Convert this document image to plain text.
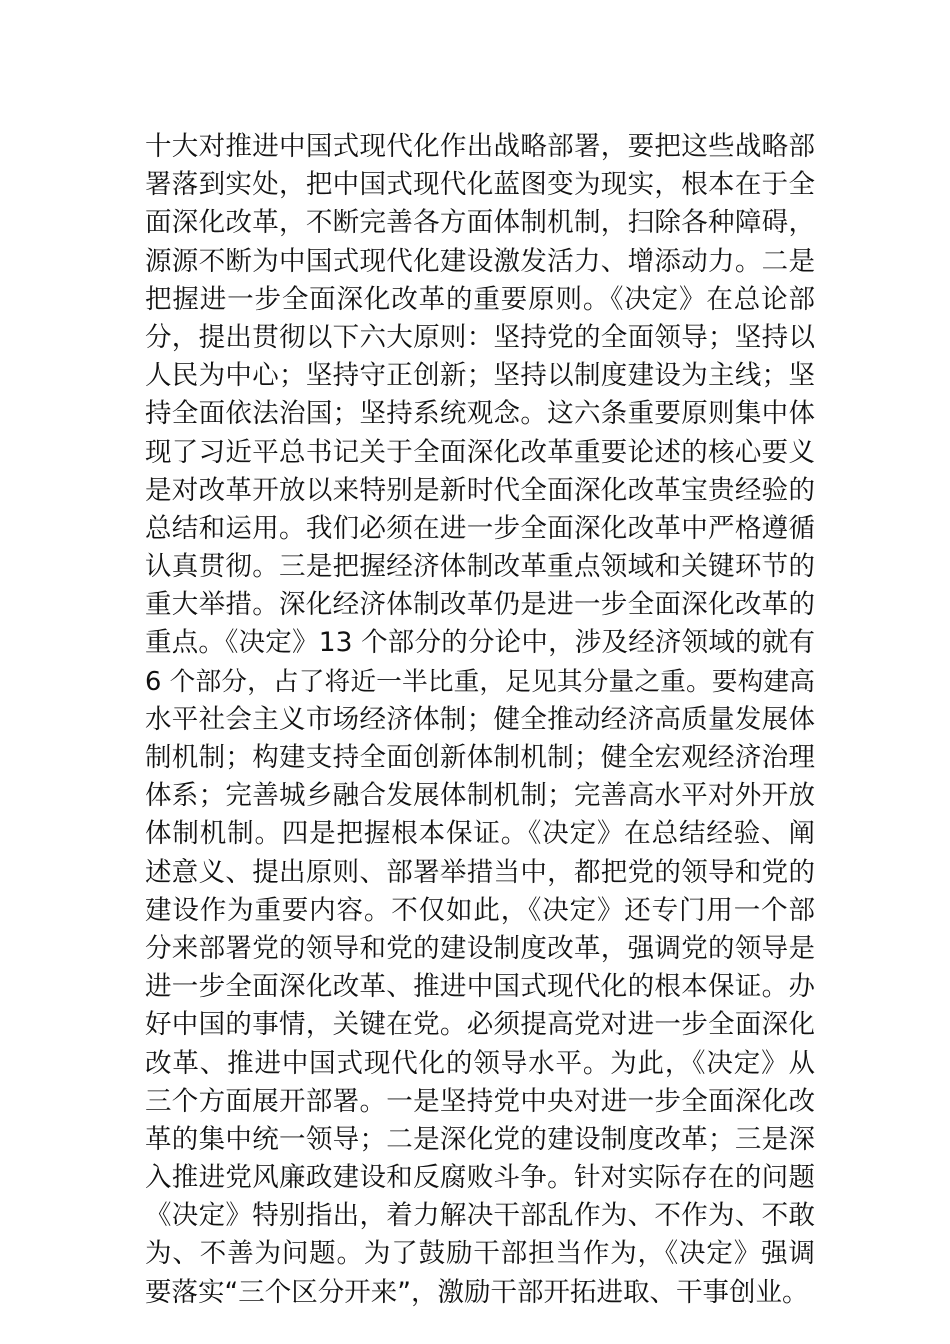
十大对推进中国式现代化作出战略部署，要把这些战略部
署落到实处，把中国式现代化蓝图变为现实，根本在于全
面深化改革，不断完善各方面体制机制，扫除各种障碍，
源源不断为中国式现代化建设激发活力、增添动力。二是
把握进一步全面深化改革的重要原则。《决定》在总论部
分，提出贯彻以下六大原则：坚持党的全面领导；坚持以
人民为中心；坚持守正创新；坚持以制度建设为主线；坚
持全面依法治国；坚持系统观念。这六条重要原则集中体
现了习近平总书记关于全面深化改革重要论述的核心要义
是对改革开放以来特别是新时代全面深化改革宝贵经验的
总结和运用。我们必须在进一步全面深化改革中严格遵循
认真贯彻。三是把握经济体制改革重点领域和关键环节的
重大举措。深化经济体制改革仍是进一步全面深化改革的
重点。《决定》13 个部分的分论中，涉及经济领域的就有
6 个部分，占了将近一半比重，足见其分量之重。要构建高
水平社会主义市场经济体制；健全推动经济高质量发展体
制机制；构建支持全面创新体制机制；健全宏观经济治理
体系；完善城乡融合发展体制机制；完善高水平对外开放
体制机制。四是把握根本保证。《决定》在总结经验、阐
述意义、提出原则、部署举措当中，都把党的领导和党的
建设作为重要内容。不仅如此，《决定》还专门用一个部
分来部署党的领导和党的建设制度改革，强调党的领导是
进一步全面深化改革、推进中国式现代化的根本保证。办
好中国的事情，关键在党。必须提高党对进一步全面深化
改革、推进中国式现代化的领导水平。为此，《决定》从
三个方面展开部署。一是坚持党中央对进一步全面深化改
革的集中统一领导；二是深化党的建设制度改革；三是深
入推进党风廉政建设和反腐败斗争。针对实际存在的问题
《决定》特别指出，着力解决干部乱作为、不作为、不敢
为、不善为问题。为了鼓励干部担当作为，《决定》强调
要落实“三个区分开来”，激励干部开拓进取、干事创业。
